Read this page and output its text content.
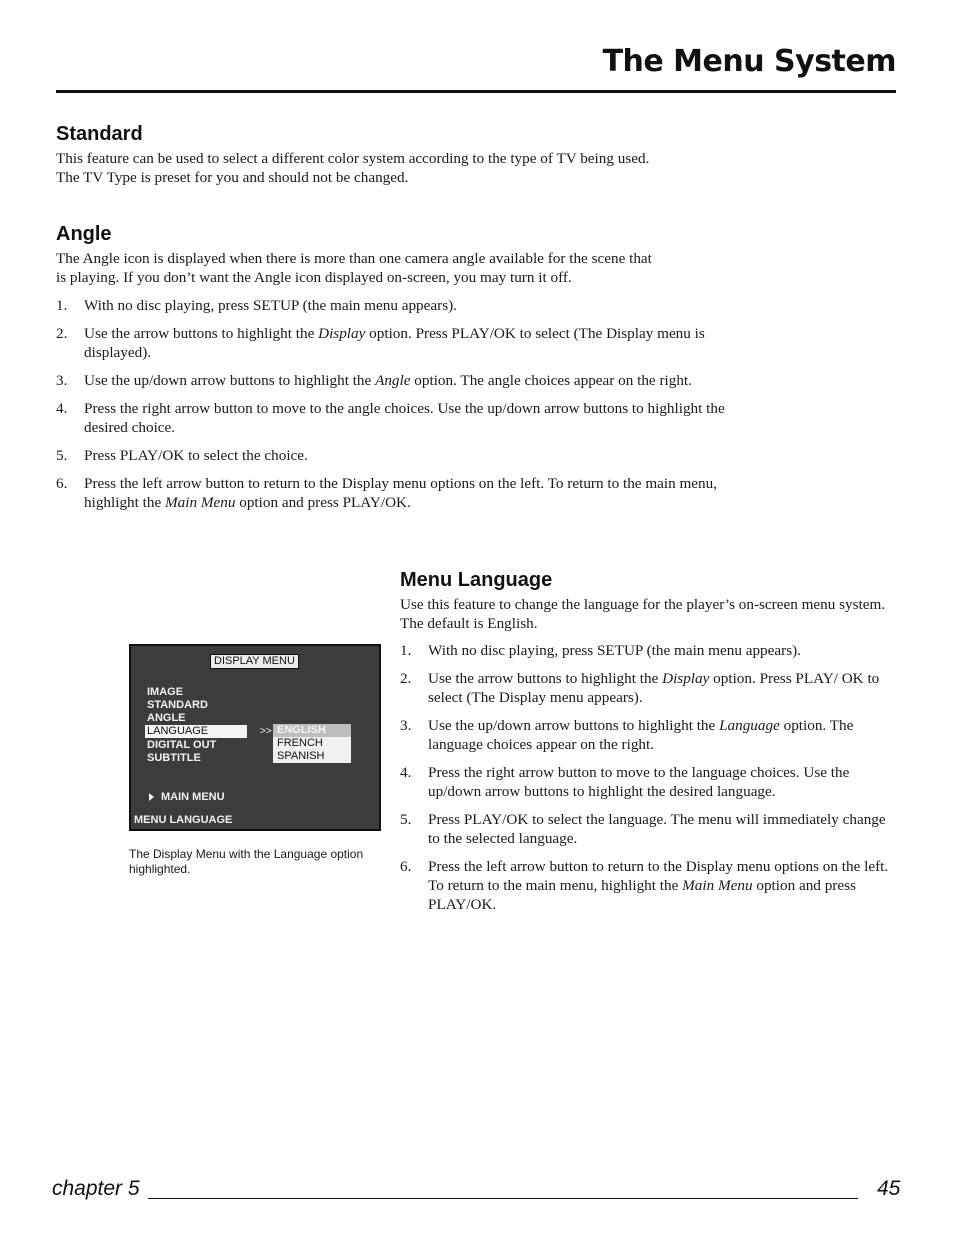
The Menu System
Standard
This feature can be used to select a different color system according to the type of TV being used.
The TV Type is preset for you and should not be changed.
Angle
The Angle icon is displayed when there is more than one camera angle available for the scene that
is playing. If you don’t want the Angle icon displayed on-screen, you may turn it off.
1. With no disc playing, press SETUP (the main menu appears).
2. Use the arrow buttons to highlight the Display option. Press PLAY/OK to select (The Display menu is displayed).
3. Use the up/down arrow buttons to highlight the Angle option. The angle choices appear on the right.
4. Press the right arrow button to move to the angle choices. Use the up/down arrow buttons to highlight the desired choice.
5. Press PLAY/OK to select the choice.
6. Press the left arrow button to return to the Display menu options on the left. To return to the main menu, highlight the Main Menu option and press PLAY/OK.
Menu Language

Use this feature to change the language for the player’s on-screen menu system. The default is English.

1. With no disc playing, press SETUP (the main menu appears).
2. Use the arrow buttons to highlight the Display option. Press PLAY/ OK to select (The Display menu appears).
3. Use the up/down arrow buttons to highlight the Language option. The language choices appear on the right.
4. Press the right arrow button to move to the language choices. Use the up/down arrow buttons to highlight the desired language.
5. Press PLAY/OK to select the language. The menu will immediately change to the selected language.
6. Press the left arrow button to return to the Display menu options on the left. To return to the main menu, highlight the Main Menu option and press PLAY/OK.
DISPLAY MENU
IMAGE
STANDARD
ANGLE
LANGUAGE
DIGITAL OUT
SUBTITLE
>> ENGLISH
FRENCH
SPANISH
MAIN MENU
MENU LANGUAGE
The Display Menu with the Language option highlighted.
chapter 5	45
